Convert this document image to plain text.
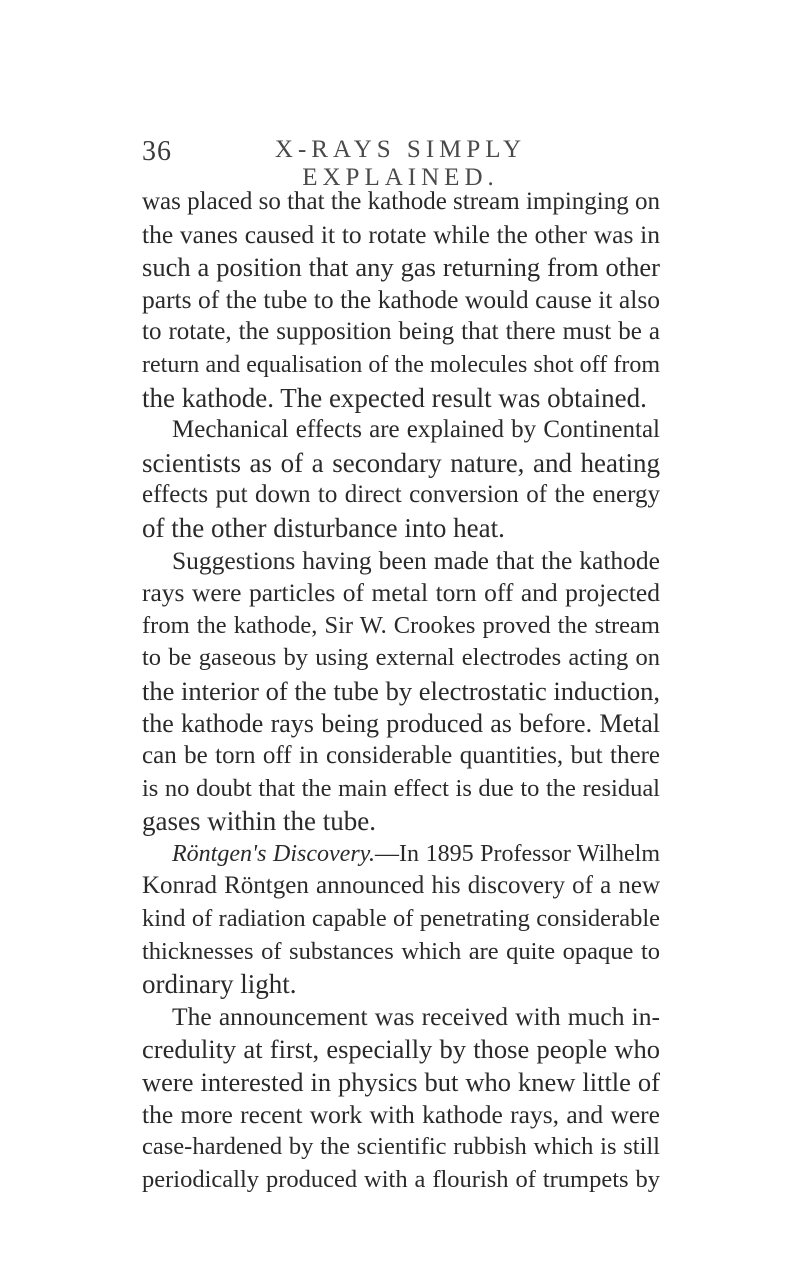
36	X-RAYS SIMPLY EXPLAINED.
was placed so that the kathode stream impinging on
the vanes caused it to rotate while the other was in
such a position that any gas returning from other
parts of the tube to the kathode would cause it also
to rotate, the supposition being that there must be a
return and equalisation of the molecules shot off from
the kathode. The expected result was obtained.
Mechanical effects are explained by Continental
scientists as of a secondary nature, and heating
effects put down to direct conversion of the energy
of the other disturbance into heat.
Suggestions having been made that the kathode
rays were particles of metal torn off and projected
from the kathode, Sir W. Crookes proved the stream
to be gaseous by using external electrodes acting on
the interior of the tube by electrostatic induction,
the kathode rays being produced as before. Metal
can be torn off in considerable quantities, but there
is no doubt that the main effect is due to the residual
gases within the tube.
Röntgen's Discovery.—In 1895 Professor Wilhelm
Konrad Röntgen announced his discovery of a new
kind of radiation capable of penetrating considerable
thicknesses of substances which are quite opaque to
ordinary light.
The announcement was received with much in-
credulity at first, especially by those people who
were interested in physics but who knew little of
the more recent work with kathode rays, and were
case-hardened by the scientific rubbish which is still
periodically produced with a flourish of trumpets by
